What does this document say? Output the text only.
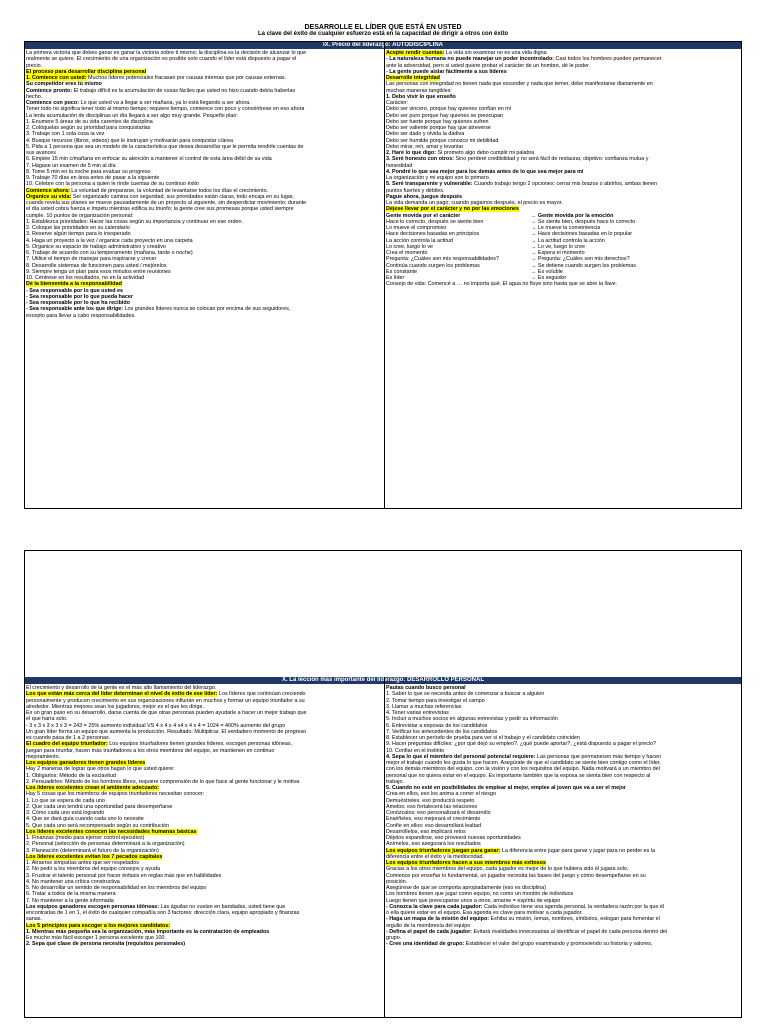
DESARROLLE EL LÍDER QUE ESTÁ EN USTED
La clave del éxito de cualquier esfuerzo está en la capacidad de dirigir a otros con éxito
IX. Precio del liderazgo: AUTODISCIPLINA
La primera victoria que debes ganar es ganar la victoria sobre ti mismo; la disciplina es la decisión de alcanzar lo que
realmente se quiere. El crecimiento de una organización es posible solo cuando el líder está dispuesto a pagar el
precio.
El proceso para desarrollar disciplina personal
1. Comience con usted: Muchos líderes potenciales fracasan por causas internas que por causas externas.
Su competidor eres tú mismo
Comience pronto: El trabajo difícil es la acumulación de cosas fáciles que usted no hizo cuando debía haberlas
hecho.
Comience con poco: Lo que usted va a llegar a ser mañana, ya lo está llegando a ser ahora.
Tener todo no significa tener todo al mismo tiempo; requiere tiempo, comience con poco y concéntrese en eso ahora
La lenta acumulación de disciplinas un día llegará a ser algo muy grande. Pequeño plan:
1. Enumere 5 áreas de su vida carentes de disciplina
2. Colóquelas según su prioridad para conquistarlas
3. Trabaje con 1 sola cosa la vez
4. Busque recursos (libros, videos) que le instruyan y motivarán para conquistar c/área
5. Pida a 1 persona que sea un modelo de la característica que desea desarrollar que le permita rendirle cuentas de
sus avances
6. Empiée 15 min c/mañana en enfocar su atención a mantener el control de esta área débil de su vida
7. Hágase un examen de 5 min al día
8. Tome 5 min en la noche para evaluar su progreso
9. Trabaje 70 días en área antes de pasar a la siguiente
10. Celebre con la persona a quien le rinde cuentas de su continuo éxito
Comience ahora: La voluntad de prepararse, la voluntad de levantarse todos los días el crecimiento.
Organice su vida: Ser organizado camina con seguridad, sus prioridades están claras, todo encaja en su lugar,
cuando revela sus planes se mueve pausadamente de un proyecto al siguiente, sin desperdiciar movimiento; durante
el día usted cobra fuerza e ímpetu mientras edifica su triunfo; la gente cree sus promesas porque usted siempre
cumple. 10 puntos de organización personal:
1. Establezca prioridades: Hacer las cosas según su importancia y continuar en ese orden.
2. Coloque las prioridades en su calendario
3. Reserve algún tiempo para lo inesperado
4. Haga un proyecto a la vez / organice cada proyecto en una carpeta
5. Organice su espacio de trabajo administrativo y creativo
6. Trabaje de acuerdo con su temperamento (mañana, tarde o noche)
7. Utilice el tiempo de manejar para inspirarse y crecer
8. Desarrolle sistemas de funcionen para usted / mejórelos
9. Siempre tenga un plan para esos minutos entre reuniones
10. Céntrese en los resultados, no en la actividad
Dé la bienvenida a la responsabilidad
- Sea responsable por lo que usted es
- Sea responsable por lo que pueda hacer
- Sea responsable por lo que ha recibido
- Sea responsable ante los que dirige: Los grandes líderes nunca se colocan por encima de sus seguidores,
excepto para llevar a cabo responsabilidades.
Acepte rendir cuentas: La vida sin examinar no es una vida digna
- La naturaleza humana no puede manejar un poder incontrolado: Casi todos los hombres pueden permanecer
ante la adversidad, pero si usted quiere probar el carácter de un hombre, dé le poder.
- La gente puede aislar fácilmente a sus líderes
Desarrolle integridad
Las personas con integridad no tienen nada que esconder y nada que temer, debe manifestarse diariamente en
muchas maneras tangibles:
1. Debo vivir lo que enseño
Carácter:
Debo ser sincero, porque hay quienes confían en mí
Debo ser puro porque hay quienes se preocupan
Debo ser fuerte porque hay quienes sufren
Debo ser valiente porque hay que atreverse
Debo ser dado y olvida la dádiva
Debo ser humilde porque conozco mi debilidad
Debo mirar, reír, amar y levantar
2. Haré lo que digo: Si prometo algo debo cumplir mi palabra
3. Seré honesto con otros: Sino perderé credibilidad y no será fácil de restaurar, objetivo: confianza mutua y
honestidad
4. Pondré lo que sea mejor para los demás antes de lo que sea mejor para mí
La organización y mi equipo son lo primero.
5. Seré transparente y vulnerable: Cuando trabajo tengo 2 opciones: cerrar mis brazos o abrirlos, ambas tienen
puntos fuertes y débiles.
Pague ahora, juegue después
La vida demanda un pago; cuando pagamos después, el precio es mayor.
Déjese llevar por el carácter y no por las emociones
Gente movida por el carácter	→ Gente movida por la emoción
Hace lo correcto, después se siente bien	→ Se siente bien, después hace lo correcto
Lo mueve el compromiso	→ Le mueve la conveniencia
Hace decisiones basadas en principios	→ Hace decisiones basadas en lo popular
La acción controla la actitud	→ La actitud controla la acción
Lo cree, luego lo ve	→ Lo ve, luego lo cree
Crea el momento	→ Espera el momento
Pregunta: ¿Cuáles son mis responsabilidades?	→ Pregunta: ¿Cuáles son mis derechos?
Continúa cuando surgen los problemas	→ Se detiene cuando surgen los problemas
Es constante	→ Es voluble
Es líder	→ Es seguidor
Consejo de vida: Comencé a … no importa qué. El agua no fluye sino hasta que se abre la llave.
X. La lección más importante del liderazgo: DESARROLLO PERSONAL
El crecimiento y desarrollo de la gente es el más alto llamamiento del liderazgo.
Los que están más cerca del líder determinan el nivel de éxito de ese líder: Los líderes que continúan creciendo
personalmente y producen crecimiento en sus organizaciones influirán en muchos y formar un equipo triunfador a su
alrededor. Mientras mejores sean los jugadores, mejor es el que les dirige.
Es un gran paso en su desarrollo, darse cuenta de que otras personas pueden ayudarle a hacer un mejor trabajo que
el que haría solo.
- 3 x 3 x 3 x 3 x 3 = 243 = 25% aumento individual VS 4 x 4 x 4 x4 x 4 x 4 = 1024 = 400% aumento del grupo
Un gran líder forma un equipo que aumenta la producción. Resultado: Multiplicar. El verdadero momento de progreso
es cuando pasa de 1 a 2 personas.
El cuadro del equipo triunfador: Los equipos triunfadores tienen grandes líderes, escogen personas idóneas,
juegan para triunfar, hacen más triunfadores a los otros miembros del equipo, se mantienen en continuo
mejoramiento.
Los equipos ganadores tienen grandes líderes
Hay 2 maneras de lograr que otros hagan lo que usted quiere:
1. Obligarlos: Método de la esclavitud
2. Persuadirles: Método de los hombres libres, requiere comprensión de lo que hace al gente funcionar y le motiva
Los líderes excelentes crean el ambiente adecuado:
Hay 5 cosas que los miembros de equipos triunfadores necesitan conocer:
1. Lo que se espera de cada uno
2. Que cada uno tendrá una oportunidad para desempeñarse
3. Cómo cada uno está logrando
4. Que se dará guía cuando cada uno lo necesite
5. Que cada uno será recompensado según su contribución
Los líderes excelentes conocen las necesidades humanas básicas
1. Finanzas (medio para ejercer control ejecutivo)
2. Personal (selección de personas determinará a la organización)
3. Planeación (determinará el futuro de la organización)
Los líderes excelentes evitan los 7 pecados capitales
1. Atraerse simpatías antes que ser respetados
2. No pedir a los miembros del equipo consejos y ayuda
3. Frustrar el talento personal por hacer énfasis en reglas más que en habilidades
4. No mantener una crítica constructiva
5. No desarrollar un sentido de responsabilidad en los miembros del equipo
6. Tratar a todos de la misma manera
7. No mantener a la gente informada
Los equipos ganadores escogen personas idóneas: Las águilas no vuelan en bandadas, usted tiene que
encontrarlas de 1 en 1, el éxito de cualquier compañía son 3 factores: dirección clara, equipo apropiado y finanzas
sanas.
Los 5 principios para escoger a los mejores candidatos:
1. Mientras más pequeña sea la organización, más importante es la contratación de empleados
Es mucho más fácil escoger 1 persona excelente que 100.
2. Sepa qué clase de persona necesita (requisitos personales)
Pautas cuando busco personal
1. Saber lo que se necesita antes de comenzar a buscar a alguien
2. Tomar tiempo para investigar el campo
3. Llamar a muchas referencias
4. Tener varias entrevistas
5. Incluir a muchos socios en algunas entrevistas y pedir su información
6. Entrevistar a esposas de los candidatos
7. Verificar los antecedentes de los candidatos
8. Establecer un período de prueba para ver si el trabajo y el candidato coinciden
9. Hacer preguntas difíciles: ¿por qué dejó su empleo?, ¿qué puede aportar?, ¿está dispuesto a pagar el precio?
10. Confiar en el instinto
4. Sepa lo que el miembro del personal potencial requiere: Las personas que permanecen más tiempo y hacen
mejor el trabajo cuando les gusta lo que hacen. Asegúrate de que el candidato se siente bien contigo como el líder,
con los demás miembros del equipo, con la visión y con los requisitos del equipo. Nada motivará a un miembro del
personal que no quiera estar en el equipo. Es importante también que la esposa se sienta bien con respecto al
trabajo.
5. Cuando no esté en posibilidades de emplear al mejor, emplee al joven que va a ser el mejor
Crea en ellos, eso los anima a correr el riesgo
Demuéstreles, eso producirá respeto
Ámelos: eso fortalecerá las relaciones
Conózcalos: eso personalizará el desarrollo
Enséñeles, eso mejorará el crecimiento
Confíe en ellos: eso desarrollará lealtad
Desarróllelos, eso implicará retos
Déjelos expandirse, eso proveerá nuevas oportunidades
Anímelos, eso asegurará los resultados
Los equipos triunfadores juegan para ganar: La diferencia entre jugar para ganar y jugar para no perder es la
diferencia entre el éxito y la mediocridad.
Los equipos triunfadores hacen a sus miembros más exitosos
Gracias a los otros miembros del equipo, cada jugador es mejor de lo que hubiera sido él jugara solo.
Comience por enseñar lo fundamental, un jugador necesita las bases del juego y cómo desempeñarse en su
posición.
Asegúrese de que se comporta apropiadamente (eso es disciplina)
Los hombres tienen que jugar como equipo, no como un montón de individuos
Luego tienen que preocuparse unos a otros, amarse = espíritu de equipo
- Conozca la clave para cada jugador: Cada individuo tiene una agenda personal, la verdadera razón por la que él
o ella quiere estar en el equipo. Esa agenda es clave para motivar a cada jugador.
- Haga un mapa de la misión del equipo: Exhiba su misión, lemas, nombres, símbolos, eslogan para fomentar el
orgullo de la membresía del equipo
- Defina el papel de cada jugador: Evitará rivalidades innecesarias al identificar el papel de cada persona dentro del
grupo.
- Cree una identidad de grupo: Establecer el valor del grupo examinando y promoviendo su historia y valores,
